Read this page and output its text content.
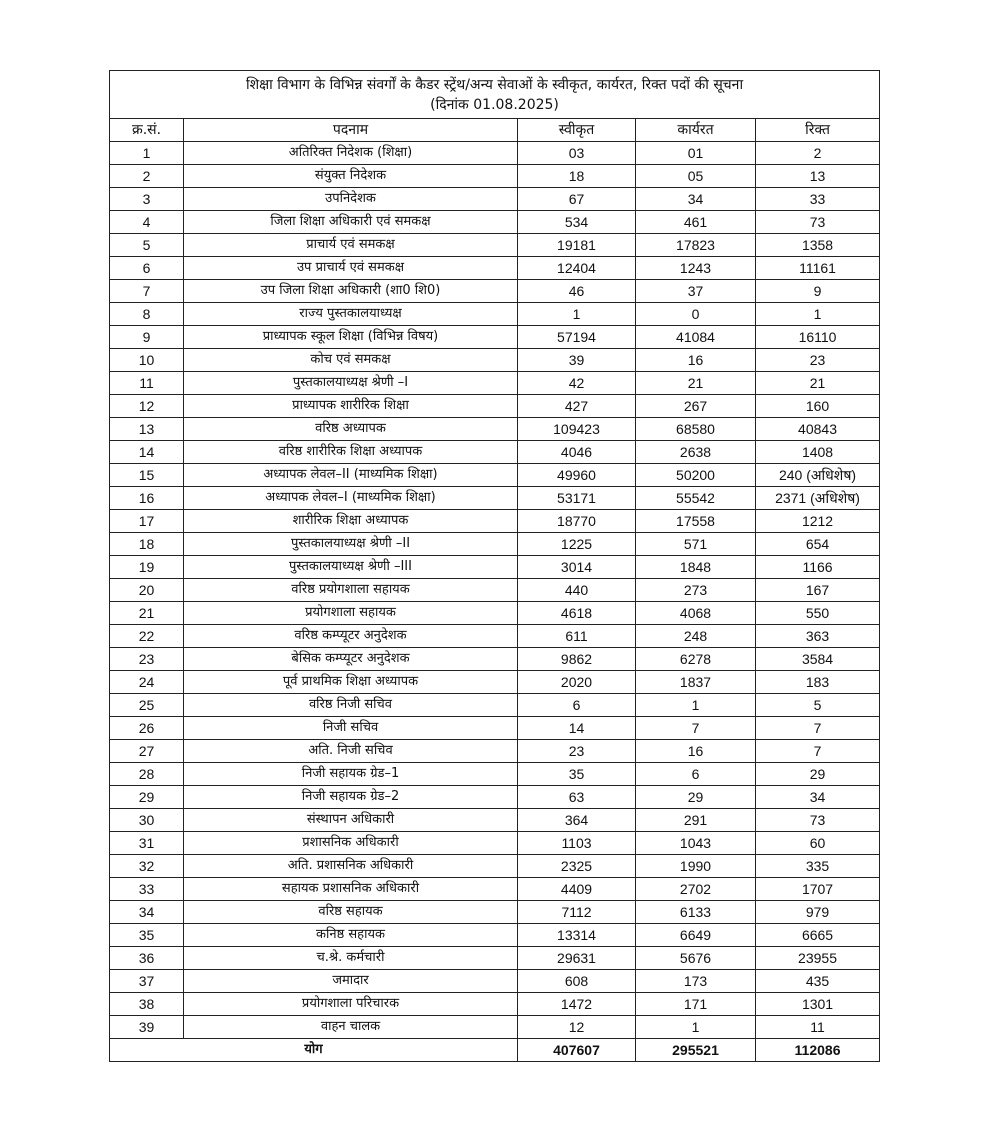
शिक्षा विभाग के विभिन्न संवर्गों के कैडर स्ट्रेंथ/अन्य सेवाओं के स्वीकृत, कार्यरत, रिक्त पदों की सूचना
(दिनांक 01.08.2025)				

क्र.सं.	पदनाम	स्वीकृत	कार्यरत	रिक्त
1	अतिरिक्त निदेशक (शिक्षा)	03	01	2
2	संयुक्त निदेशक	18	05	13
3	उपनिदेशक	67	34	33
4	जिला शिक्षा अधिकारी एवं समकक्ष	534	461	73
5	प्राचार्य एवं समकक्ष	19181	17823	1358
6	उप प्राचार्य एवं समकक्ष	12404	1243	11161
7	उप जिला शिक्षा अधिकारी (शा0 शि0)	46	37	9
8	राज्य पुस्तकालयाध्यक्ष	1	0	1
9	प्राध्यापक स्कूल शिक्षा (विभिन्न विषय)	57194	41084	16110
10	कोच एवं समकक्ष	39	16	23
11	पुस्तकालयाध्यक्ष श्रेणी –I	42	21	21
12	प्राध्यापक शारीरिक शिक्षा	427	267	160
13	वरिष्ठ अध्यापक	109423	68580	40843
14	वरिष्ठ शारीरिक शिक्षा अध्यापक	4046	2638	1408
15	अध्यापक लेवल–II (माध्यमिक शिक्षा)	49960	50200	240 (अधिशेष)
16	अध्यापक लेवल–I (माध्यमिक शिक्षा)	53171	55542	2371 (अधिशेष)
17	शारीरिक शिक्षा अध्यापक	18770	17558	1212
18	पुस्तकालयाध्यक्ष श्रेणी –II	1225	571	654
19	पुस्तकालयाध्यक्ष श्रेणी –III	3014	1848	1166
20	वरिष्ठ प्रयोगशाला सहायक	440	273	167
21	प्रयोगशाला सहायक	4618	4068	550
22	वरिष्ठ कम्प्यूटर अनुदेशक	611	248	363
23	बेसिक कम्प्यूटर अनुदेशक	9862	6278	3584
24	पूर्व प्राथमिक शिक्षा अध्यापक	2020	1837	183
25	वरिष्ठ निजी सचिव	6	1	5
26	निजी सचिव	14	7	7
27	अति. निजी सचिव	23	16	7
28	निजी सहायक ग्रेड–1	35	6	29
29	निजी सहायक ग्रेड–2	63	29	34
30	संस्थापन अधिकारी	364	291	73
31	प्रशासनिक अधिकारी	1103	1043	60
32	अति. प्रशासनिक अधिकारी	2325	1990	335
33	सहायक प्रशासनिक अधिकारी	4409	2702	1707
34	वरिष्ठ सहायक	7112	6133	979
35	कनिष्ठ सहायक	13314	6649	6665
36	च.श्रे. कर्मचारी	29631	5676	23955
37	जमादार	608	173	435
38	प्रयोगशाला परिचारक	1472	171	1301
39	वाहन चालक	12	1	11
योग		407607	295521	112086
